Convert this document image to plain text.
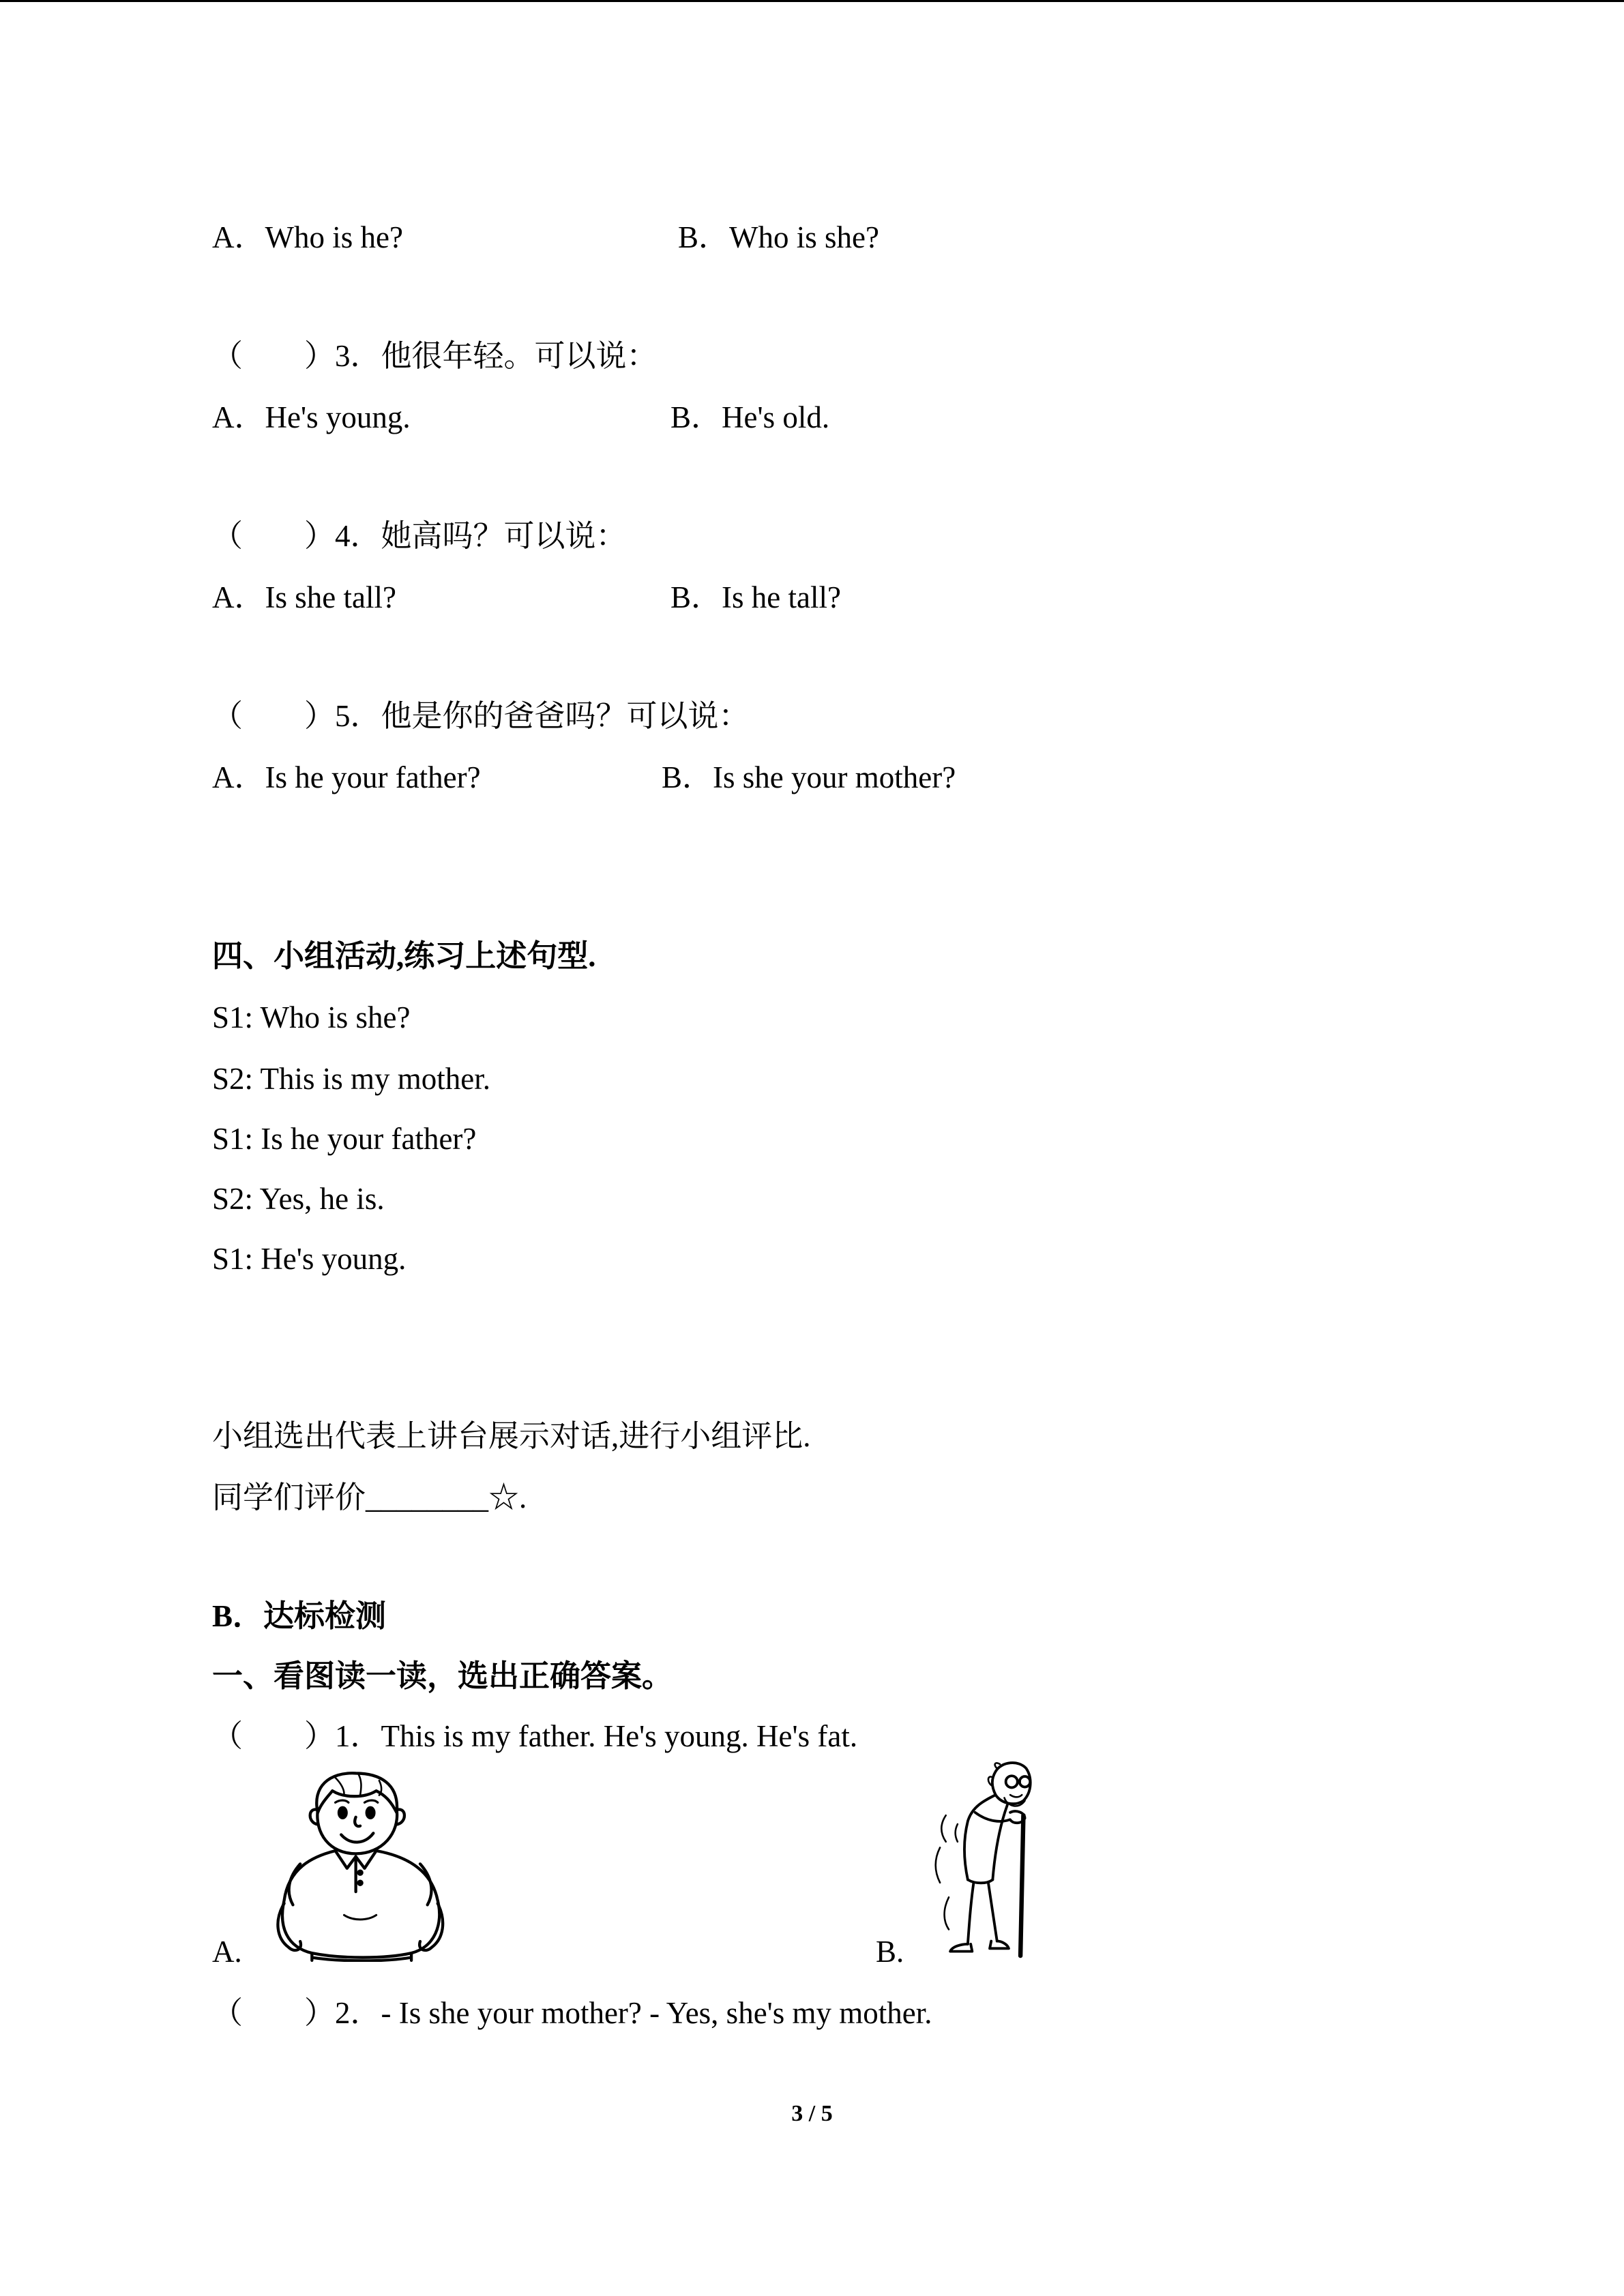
A．Who is he?	B．Who is she?
（　　）3．他很年轻。可以说：
A．He's young.	B．He's old.
（　　）4．她高吗？可以说：
A．Is she tall?	B．Is he tall?
（　　）5．他是你的爸爸吗？可以说：
A．Is he your father?	B．Is she your mother?
四、小组活动,练习上述句型.
S1: Who is she?
S2: This is my mother.
S1: Is he your father?
S2: Yes, he is.
S1: He's young.
小组选出代表上讲台展示对话,进行小组评比.
同学们评价________☆.
B．达标检测
一、看图读一读，选出正确答案。
（　　）1．This is my father. He's young. He's fat.
A.	B.
（　　）2．- Is she your mother? - Yes, she's my mother.
3 / 5
